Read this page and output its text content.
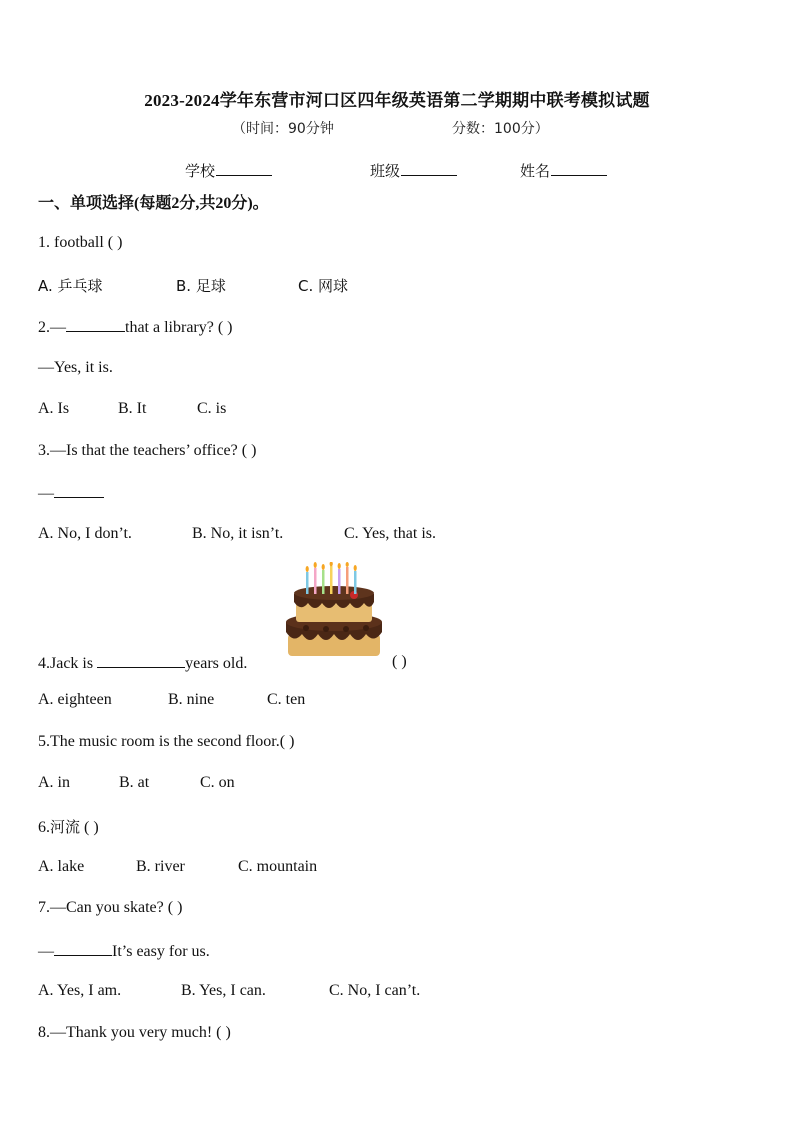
2023-2024学年东营市河口区四年级英语第二学期期中联考模拟试题
（时间：90分钟	分数：100分）
学校	班级	姓名
一、单项选择(每题2分,共20分)。
1. football ( )
A. 乒乓球	B. 足球	C. 网球
2.—	that a library? ( )
—Yes, it is.
A. Is	B. It	C. is
3.—Is that the teachers’ office? ( )
—
A. No, I don’t.	B. No, it isn’t.	C. Yes, that is.
4.Jack is	years old.	( )
A. eighteen	B. nine	C. ten
5.The music room is the second floor.( )
A. in	B. at	C. on
6.河流 ( )
A. lake	B. river	C. mountain
7.—Can you skate? ( )
—	It’s easy for us.
A. Yes, I am.	B. Yes, I can.	C. No, I can’t.
8.—Thank you very much! ( )
